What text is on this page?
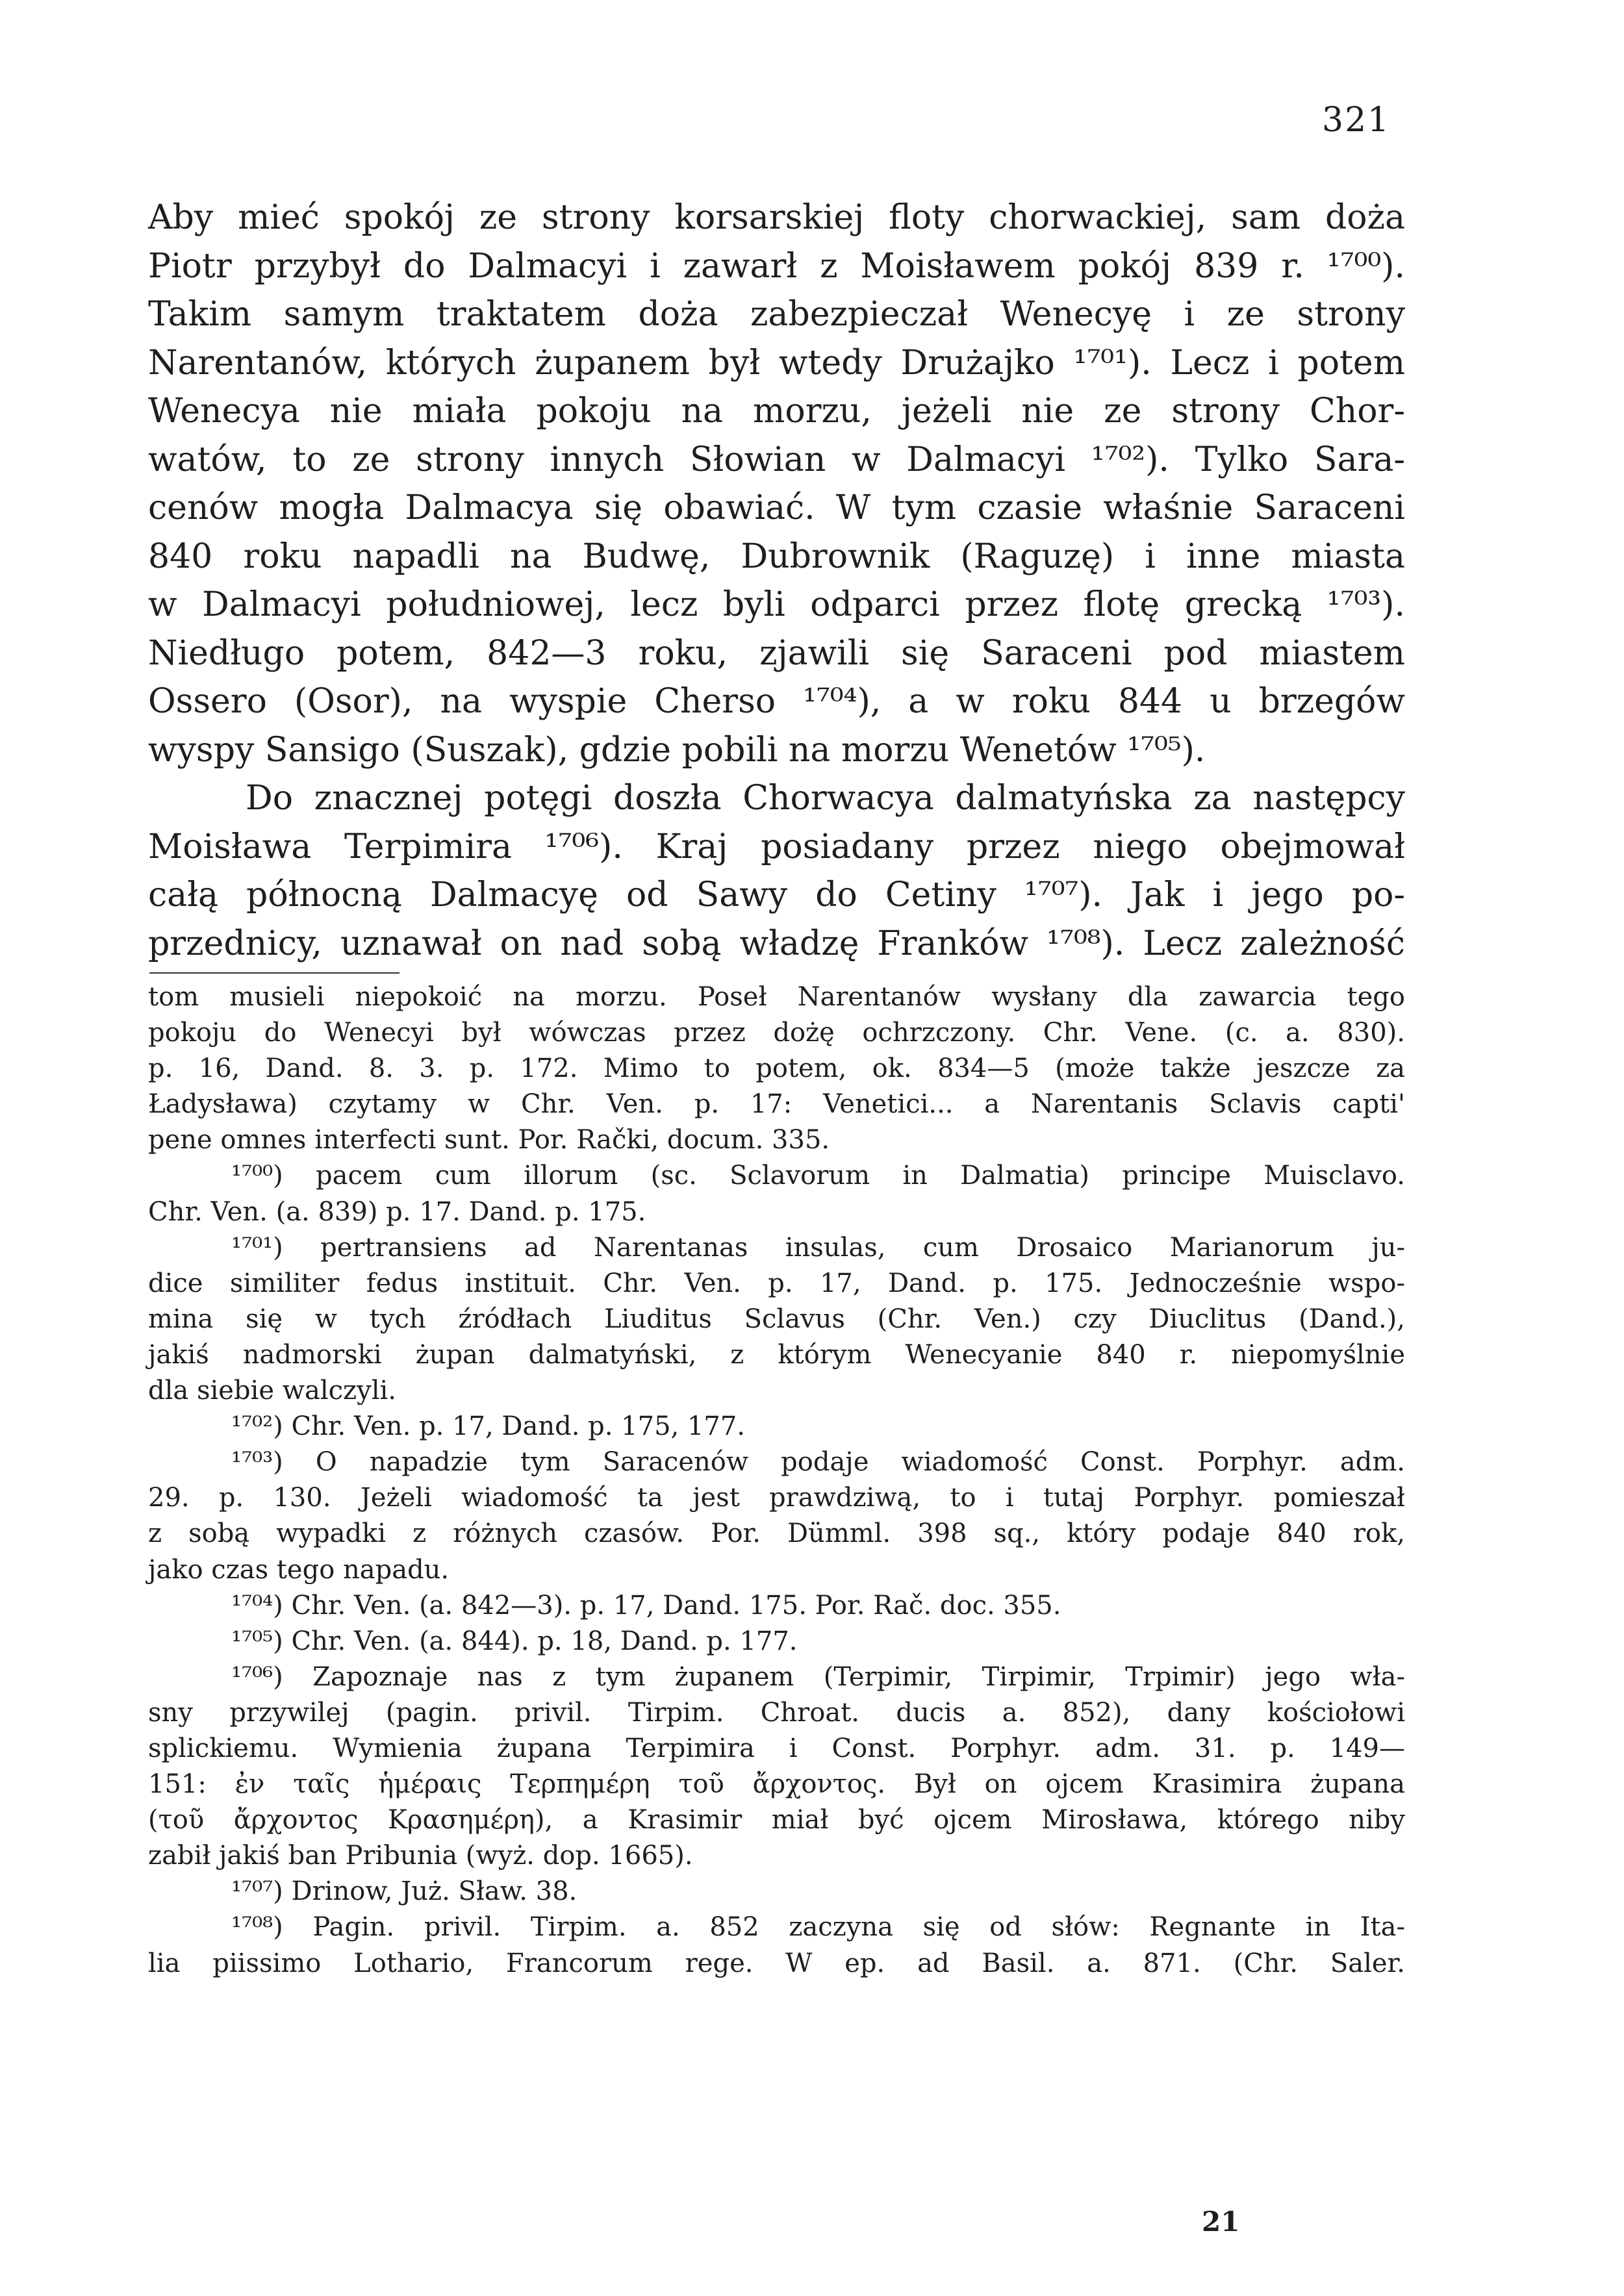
321
Aby mieć spokój ze strony korsarskiej floty chorwackiej, sam doża
Piotr przybył do Dalmacyi i zawarł z Moisławem pokój 839 r. ¹⁷⁰⁰).
Takim samym traktatem doża zabezpieczał Wenecyę i ze strony
Narentanów, których żupanem był wtedy Drużajko ¹⁷⁰¹). Lecz i potem
Wenecya nie miała pokoju na morzu, jeżeli nie ze strony Chor-
watów, to ze strony innych Słowian w Dalmacyi ¹⁷⁰²). Tylko Sara-
cenów mogła Dalmacya się obawiać. W tym czasie właśnie Saraceni
840 roku napadli na Budwę, Dubrownik (Raguzę) i inne miasta
w Dalmacyi południowej, lecz byli odparci przez flotę grecką ¹⁷⁰³).
Niedługo potem, 842—3 roku, zjawili się Saraceni pod miastem
Ossero (Osor), na wyspie Cherso ¹⁷⁰⁴), a w roku 844 u brzegów
wyspy Sansigo (Suszak), gdzie pobili na morzu Wenetów ¹⁷⁰⁵).
Do znacznej potęgi doszła Chorwacya dalmatyńska za następcy
Moisława Terpimira ¹⁷⁰⁶). Kraj posiadany przez niego obejmował
całą północną Dalmacyę od Sawy do Cetiny ¹⁷⁰⁷). Jak i jego po-
przednicy, uznawał on nad sobą władzę Franków ¹⁷⁰⁸). Lecz zależność
tom musieli niepokoić na morzu. Poseł Narentanów wysłany dla zawarcia tego
pokoju do Wenecyi był wówczas przez dożę ochrzczony. Chr. Vene. (c. a. 830).
p. 16, Dand. 8. 3. p. 172. Mimo to potem, ok. 834—5 (może także jeszcze za
Ładysława) czytamy w Chr. Ven. p. 17: Venetici... a Narentanis Sclavis capti'
pene omnes interfecti sunt. Por. Rački, docum. 335.
¹⁷⁰⁰) pacem cum illorum (sc. Sclavorum in Dalmatia) principe Muisclavo.
Chr. Ven. (a. 839) p. 17. Dand. p. 175.
¹⁷⁰¹) pertransiens ad Narentanas insulas, cum Drosaico Marianorum ju-
dice similiter fedus instituit. Chr. Ven. p. 17, Dand. p. 175. Jednocześnie wspo-
mina się w tych źródłach Liuditus Sclavus (Chr. Ven.) czy Diuclitus (Dand.),
jakiś nadmorski żupan dalmatyński, z którym Wenecyanie 840 r. niepomyślnie
dla siebie walczyli.
¹⁷⁰²) Chr. Ven. p. 17, Dand. p. 175, 177.
¹⁷⁰³) O napadzie tym Saracenów podaje wiadomość Const. Porphyr. adm.
29. p. 130. Jeżeli wiadomość ta jest prawdziwą, to i tutaj Porphyr. pomieszał
z sobą wypadki z różnych czasów. Por. Dümml. 398 sq., który podaje 840 rok,
jako czas tego napadu.
¹⁷⁰⁴) Chr. Ven. (a. 842—3). p. 17, Dand. 175. Por. Rač. doc. 355.
¹⁷⁰⁵) Chr. Ven. (a. 844). p. 18, Dand. p. 177.
¹⁷⁰⁶) Zapoznaje nas z tym żupanem (Terpimir, Tirpimir, Trpimir) jego wła-
sny przywilej (pagin. privil. Tirpim. Chroat. ducis a. 852), dany kościołowi
splickiemu. Wymienia żupana Terpimira i Const. Porphyr. adm. 31. p. 149—
151: ἐν ταῖς ἡμέραις Τερπημέρη τοῦ ἄρχοντος. Był on ojcem Krasimira żupana
(τοῦ ἄρχοντος Κρασημέρη), a Krasimir miał być ojcem Mirosława, którego niby
zabił jakiś ban Pribunia (wyż. dop. 1665).
¹⁷⁰⁷) Drinow, Już. Sław. 38.
¹⁷⁰⁸) Pagin. privil. Tirpim. a. 852 zaczyna się od słów: Regnante in Ita-
lia piissimo Lothario, Francorum rege. W ep. ad Basil. a. 871. (Chr. Saler.
21
